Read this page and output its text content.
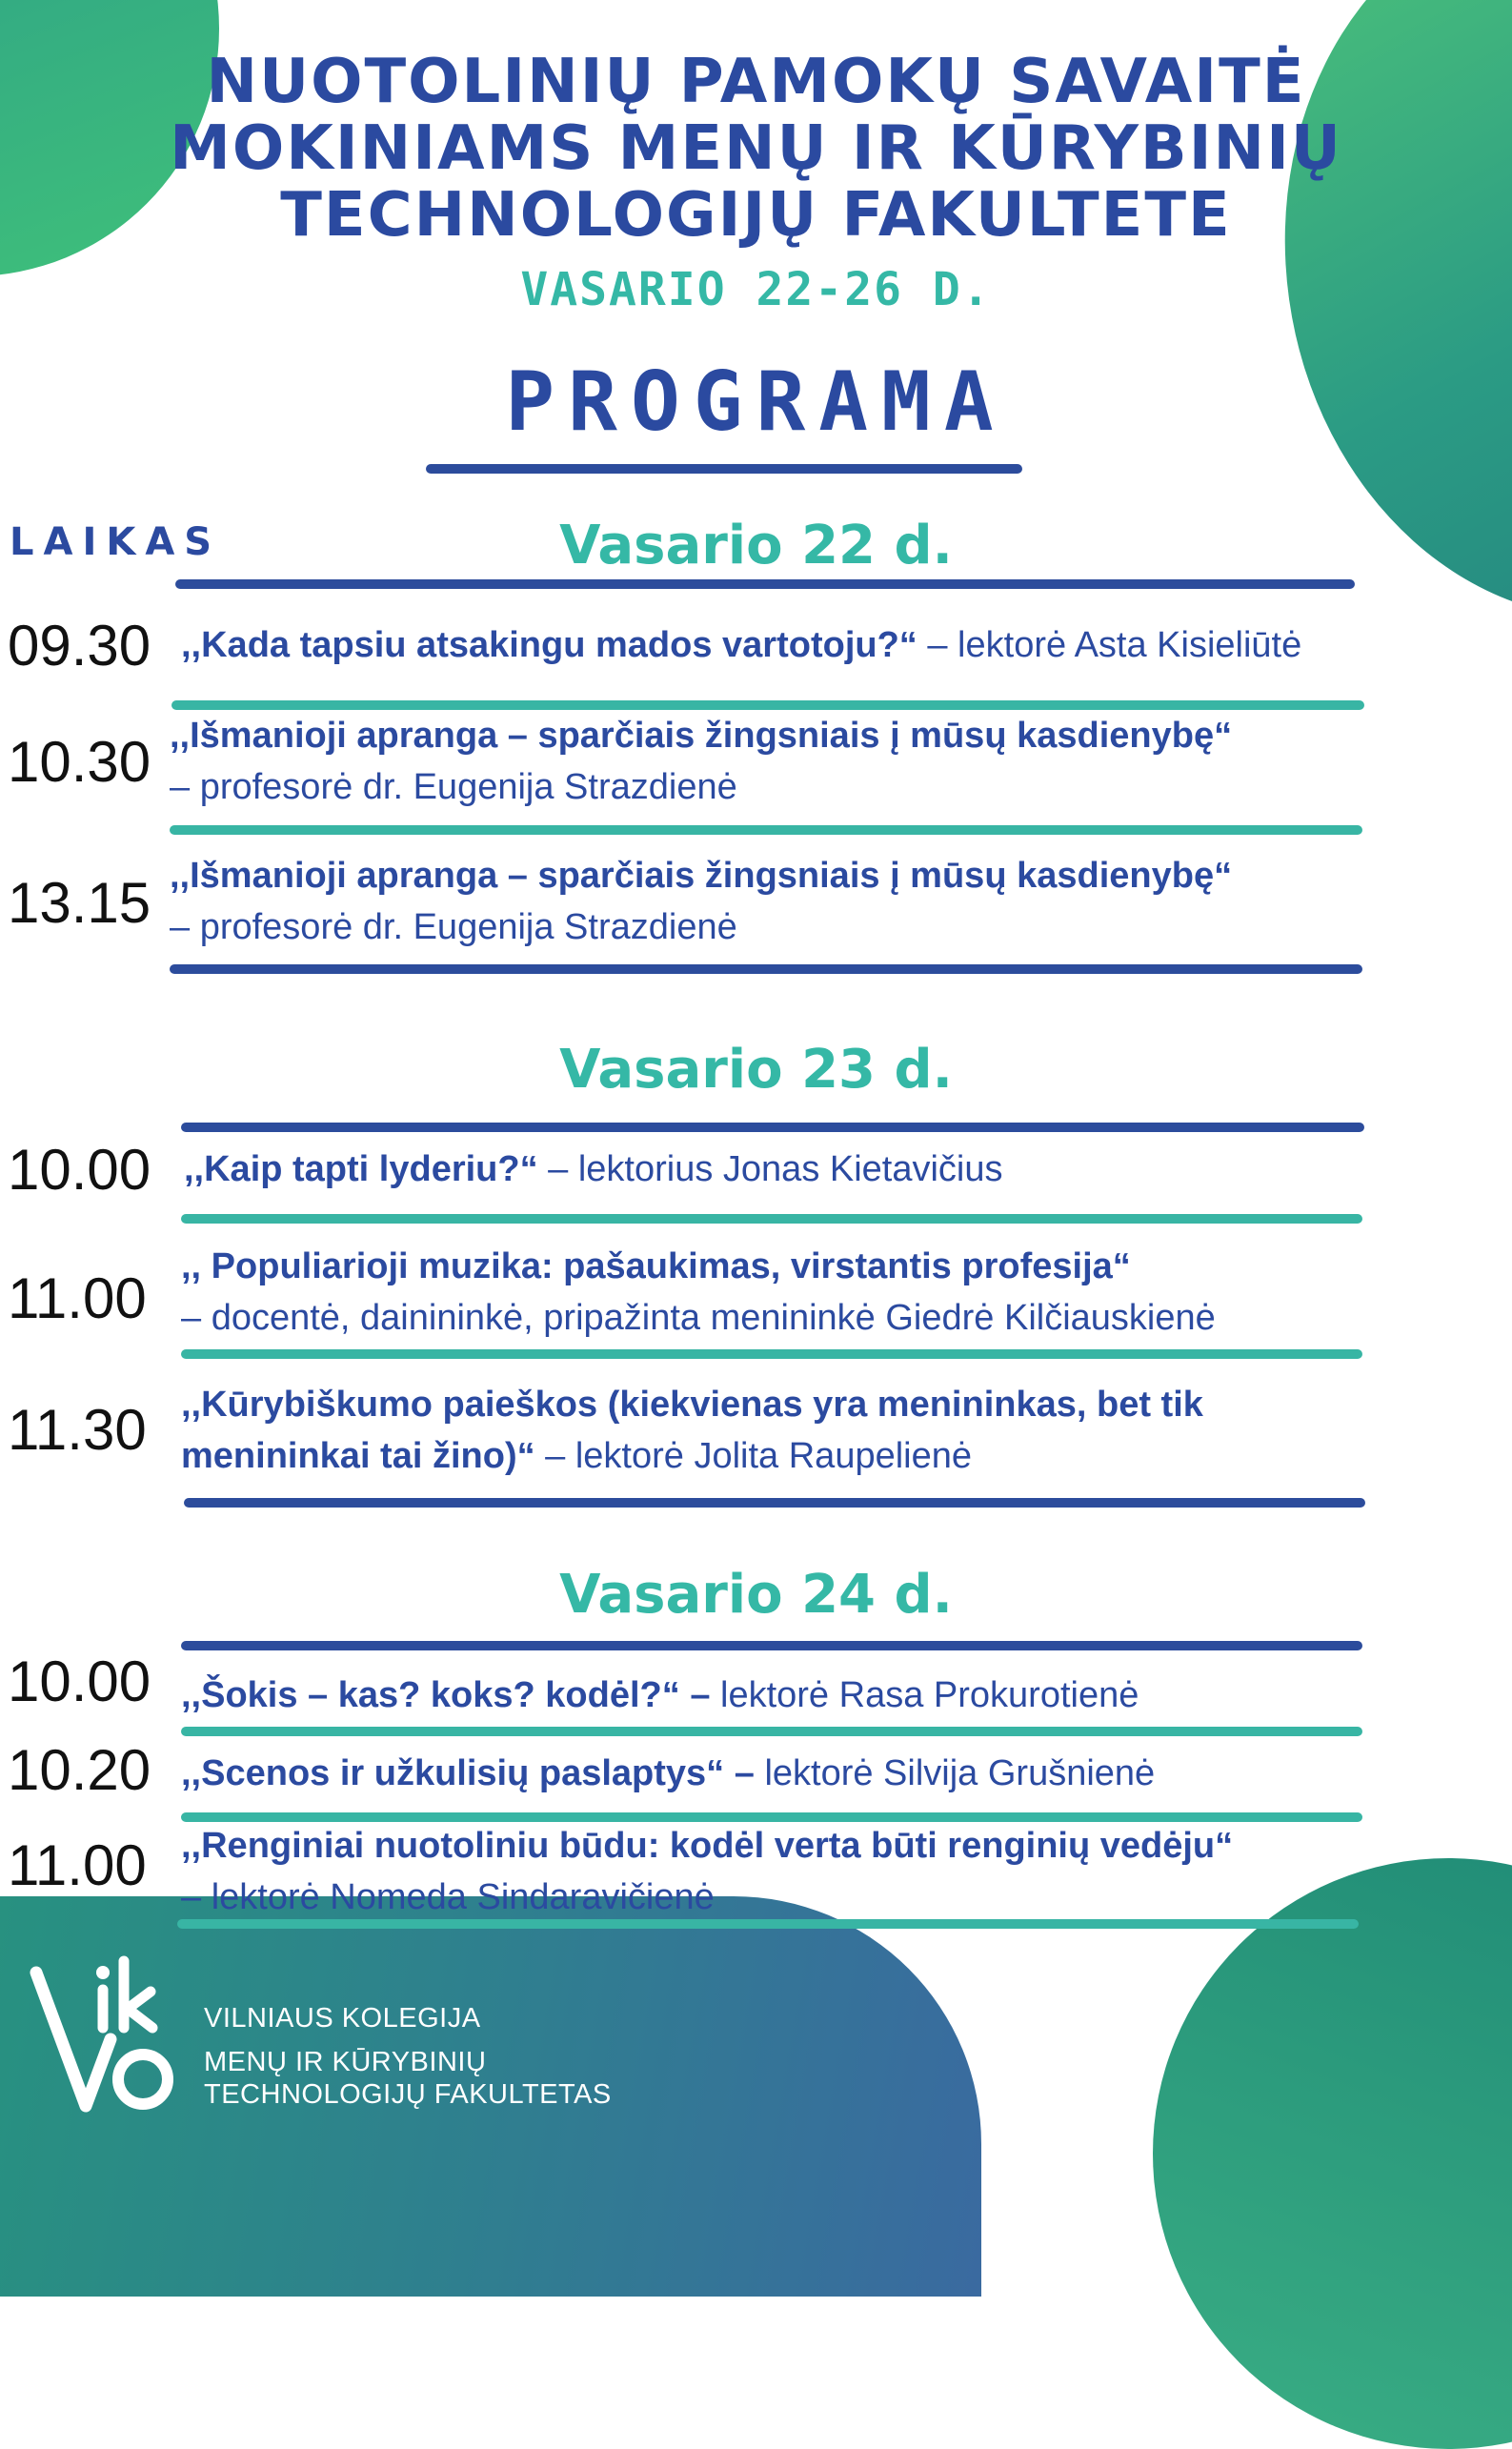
NUOTOLINIŲ PAMOKŲ SAVAITĖ
MOKINIAMS MENŲ IR KŪRYBINIŲ
TECHNOLOGIJŲ FAKULTETE
VASARIO 22-26 D.
PROGRAMA
LAIKAS	Vasario 22 d.
09.30 ,,Kada tapsiu atsakingu mados vartotoju?“ – lektorė Asta Kisieliūtė
10.30 ,,Išmanioji apranga – sparčiais žingsniais į mūsų kasdienybę“
– profesorė dr. Eugenija Strazdienė
13.15 ,,Išmanioji apranga – sparčiais žingsniais į mūsų kasdienybę“
– profesorė dr. Eugenija Strazdienė
Vasario 23 d.
10.00 ,,Kaip tapti lyderiu?“ – lektorius Jonas Kietavičius
11.00 ,, Populiarioji muzika: pašaukimas, virstantis profesija“
– docentė, dainininkė, pripažinta menininkė Giedrė Kilčiauskienė
11.30 ,,Kūrybiškumo paieškos (kiekvienas yra menininkas, bet tik menininkai tai žino)“ – lektorė Jolita Raupelienė
Vasario 24 d.
10.00 ,,Šokis – kas? koks? kodėl?“ – lektorė Rasa Prokurotienė
10.20 ,,Scenos ir užkulisių paslaptys“ – lektorė Silvija Grušnienė
11.00 ,,Renginiai nuotoliniu būdu: kodėl verta būti renginių vedėju“
– lektorė Nomeda Sindaravičienė
VILNIAUS KOLEGIJA
MENŲ IR KŪRYBINIŲ
TECHNOLOGIJŲ FAKULTETAS
